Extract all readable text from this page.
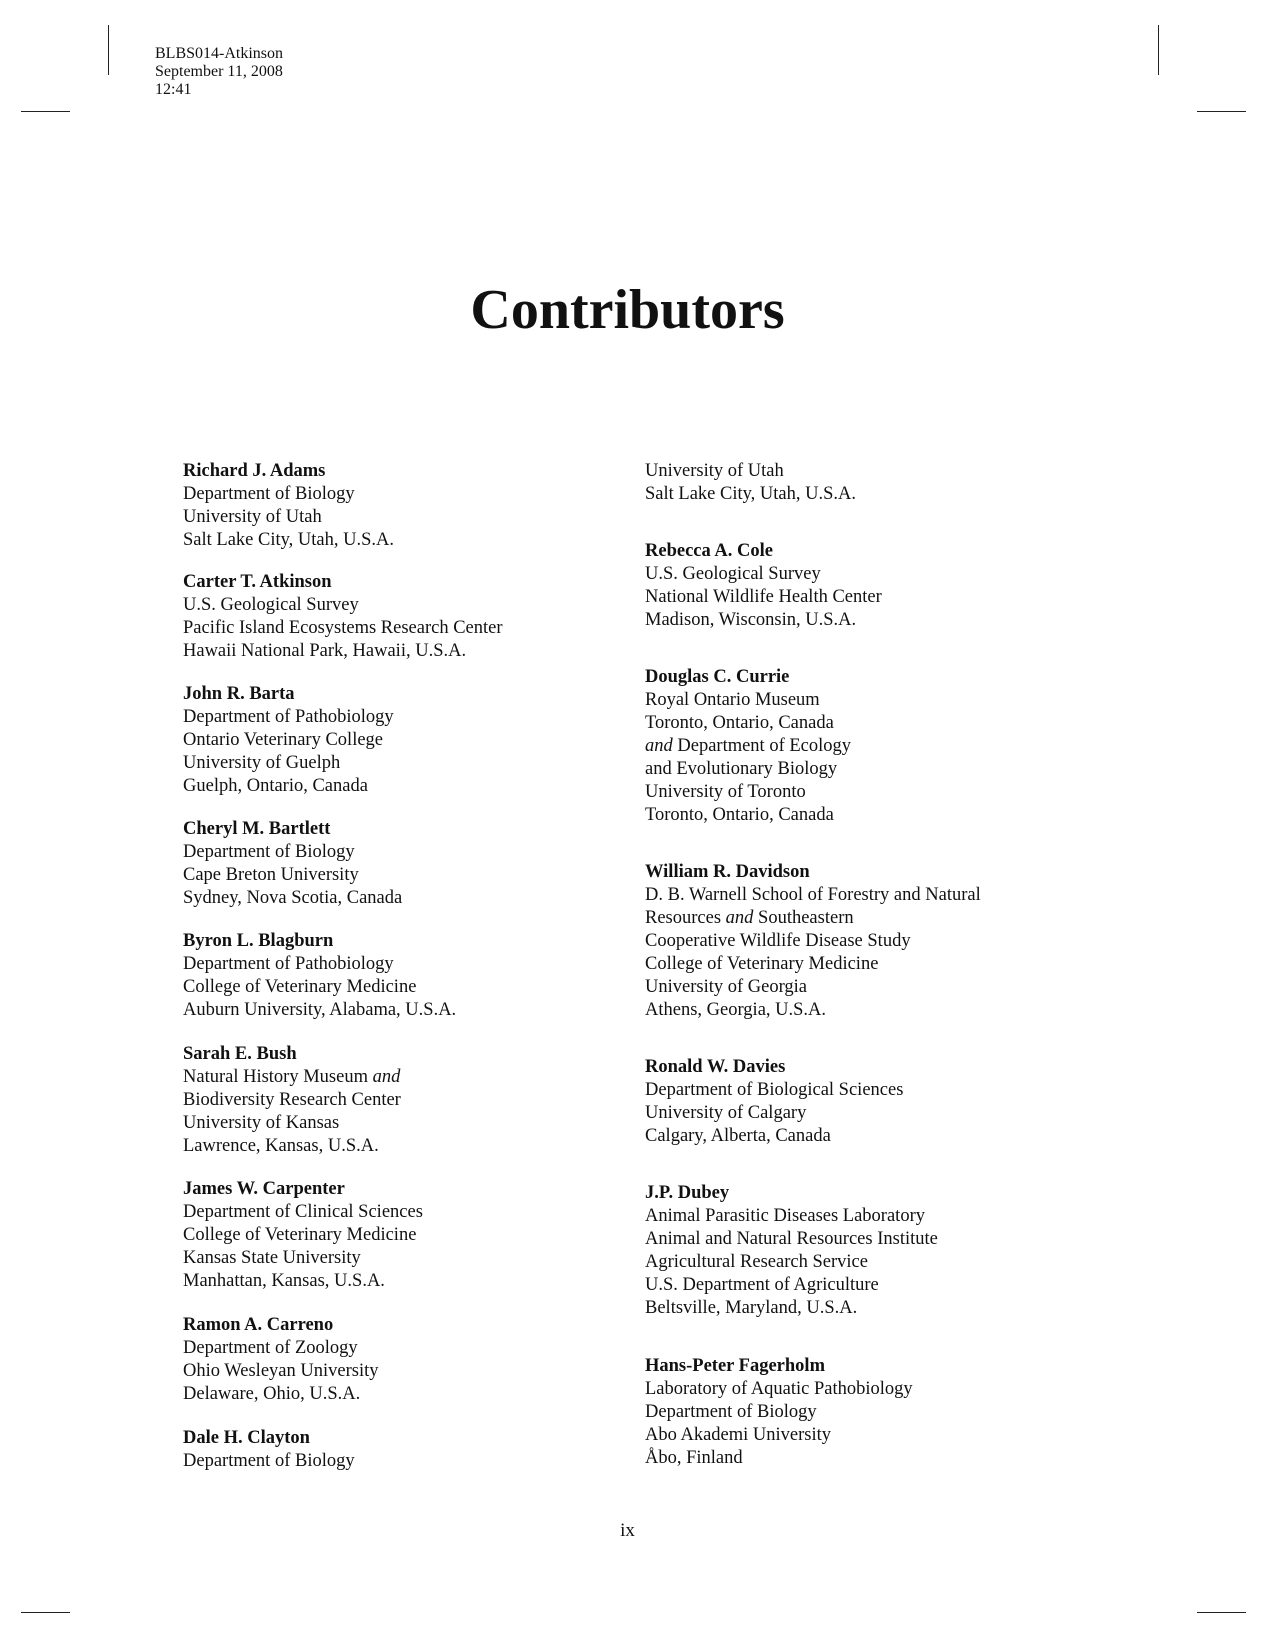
BLBS014-Atkinson
September 11, 2008
12:41

Contributors
Richard J. Adams
Department of Biology
University of Utah
Salt Lake City, Utah, U.S.A.
Carter T. Atkinson
U.S. Geological Survey
Pacific Island Ecosystems Research Center
Hawaii National Park, Hawaii, U.S.A.
John R. Barta
Department of Pathobiology
Ontario Veterinary College
University of Guelph
Guelph, Ontario, Canada
Cheryl M. Bartlett
Department of Biology
Cape Breton University
Sydney, Nova Scotia, Canada
Byron L. Blagburn
Department of Pathobiology
College of Veterinary Medicine
Auburn University, Alabama, U.S.A.
Sarah E. Bush
Natural History Museum and
Biodiversity Research Center
University of Kansas
Lawrence, Kansas, U.S.A.
James W. Carpenter
Department of Clinical Sciences
College of Veterinary Medicine
Kansas State University
Manhattan, Kansas, U.S.A.
Ramon A. Carreno
Department of Zoology
Ohio Wesleyan University
Delaware, Ohio, U.S.A.
Dale H. Clayton
Department of Biology
University of Utah
Salt Lake City, Utah, U.S.A.
Rebecca A. Cole
U.S. Geological Survey
National Wildlife Health Center
Madison, Wisconsin, U.S.A.
Douglas C. Currie
Royal Ontario Museum
Toronto, Ontario, Canada
and Department of Ecology
and Evolutionary Biology
University of Toronto
Toronto, Ontario, Canada
William R. Davidson
D. B. Warnell School of Forestry and Natural
Resources and Southeastern
Cooperative Wildlife Disease Study
College of Veterinary Medicine
University of Georgia
Athens, Georgia, U.S.A.
Ronald W. Davies
Department of Biological Sciences
University of Calgary
Calgary, Alberta, Canada
J.P. Dubey
Animal Parasitic Diseases Laboratory
Animal and Natural Resources Institute
Agricultural Research Service
U.S. Department of Agriculture
Beltsville, Maryland, U.S.A.
Hans-Peter Fagerholm
Laboratory of Aquatic Pathobiology
Department of Biology
Abo Akademi University
Åbo, Finland
ix
